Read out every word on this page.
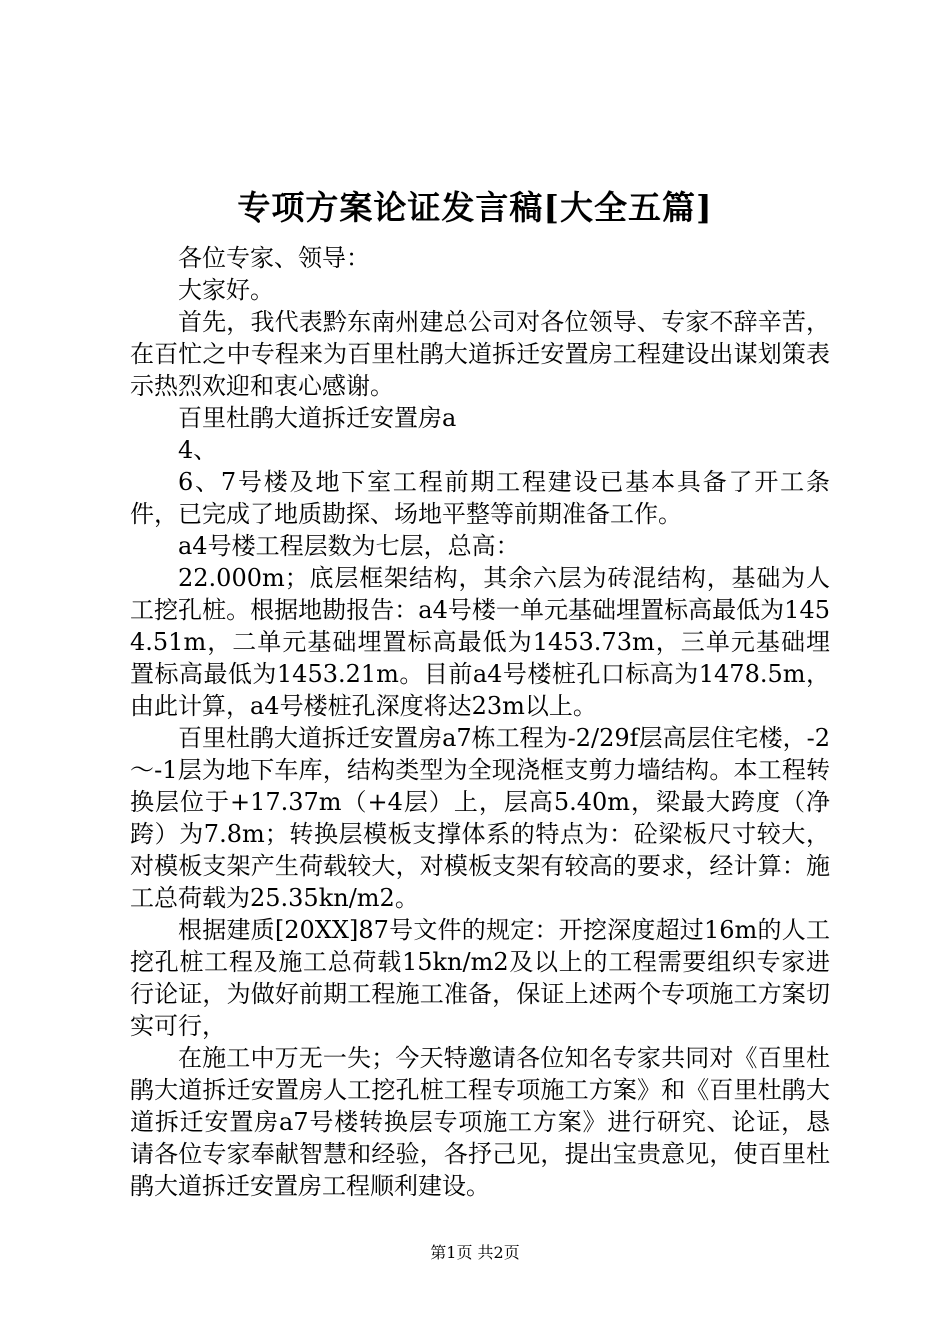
专项方案论证发言稿[大全五篇]

各位专家、领导：

大家好。

首先，我代表黔东南州建总公司对各位领导、专家不辞辛苦，在百忙之中专程来为百里杜鹃大道拆迁安置房工程建设出谋划策表示热烈欢迎和衷心感谢。

百里杜鹃大道拆迁安置房a

4、

6、7号楼及地下室工程前期工程建设已基本具备了开工条件，已完成了地质勘探、场地平整等前期准备工作。

a4号楼工程层数为七层，总高：

22.000m；底层框架结构，其余六层为砖混结构，基础为人工挖孔桩。根据地勘报告：a4号楼一单元基础埋置标高最低为1454.51m，二单元基础埋置标高最低为1453.73m，三单元基础埋置标高最低为1453.21m。目前a4号楼桩孔口标高为1478.5m，由此计算，a4号楼桩孔深度将达23m以上。

百里杜鹃大道拆迁安置房a7栋工程为-2/29f层高层住宅楼，-2～-1层为地下车库，结构类型为全现浇框支剪力墙结构。本工程转换层位于+17.37m（+4层）上，层高5.40m，梁最大跨度（净跨）为7.8m；转换层模板支撑体系的特点为：砼梁板尺寸较大，对模板支架产生荷载较大，对模板支架有较高的要求，经计算：施工总荷载为25.35kn/m2。

根据建质[20XX]87号文件的规定：开挖深度超过16m的人工挖孔桩工程及施工总荷载15kn/m2及以上的工程需要组织专家进行论证，为做好前期工程施工准备，保证上述两个专项施工方案切实可行，

在施工中万无一失；今天特邀请各位知名专家共同对《百里杜鹃大道拆迁安置房人工挖孔桩工程专项施工方案》和《百里杜鹃大道拆迁安置房a7号楼转换层专项施工方案》进行研究、论证，恳请各位专家奉献智慧和经验，各抒己见，提出宝贵意见，使百里杜鹃大道拆迁安置房工程顺利建设。

第1页 共2页
